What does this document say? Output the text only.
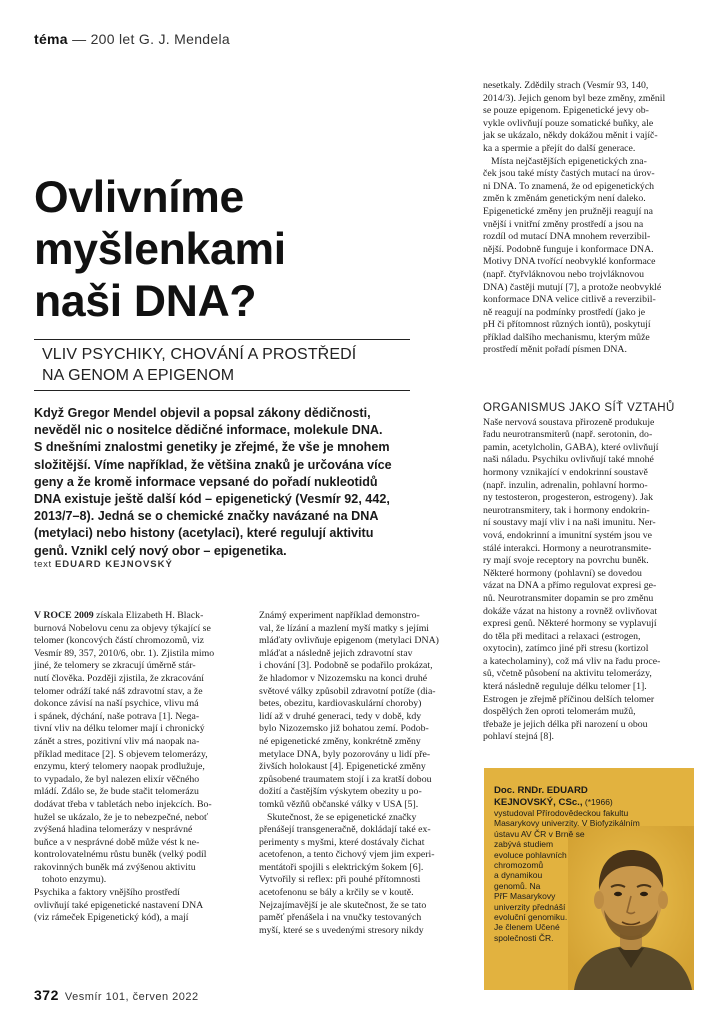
téma — 200 let G. J. Mendela
Ovlivníme
myšlenkami
naši DNA?
VLIV PSYCHIKY, CHOVÁNÍ A PROSTŘEDÍ
NA GENOM A EPIGENOM
Když Gregor Mendel objevil a popsal zákony dědičnosti,
nevěděl nic o nositelce dědičné informace, molekule DNA.
S dnešními znalostmi genetiky je zřejmé, že vše je mnohem
složitější. Víme například, že většina znaků je určována více
geny a že kromě informace vepsané do pořadí nukleotidů
DNA existuje ještě další kód – epigenetický (Vesmír 92, 442,
2013/7–8). Jedná se o chemické značky navázané na DNA
(metylaci) nebo histony (acetylaci), které regulují aktivitu
genů. Vznikl celý nový obor – epigenetika.
text EDUARD KEJNOVSKÝ
V ROCE 2009 získala Elizabeth H. Black-
burnová Nobelovu cenu za objevy týkající se
telomer (koncových částí chromozomů, viz
Vesmír 89, 357, 2010/6, obr. 1). Zjistila mimo
jiné, že telomery se zkracují úměrně stár-
nutí člověka. Později zjistila, že zkracování
telomer odráží také náš zdravotní stav, a že
dokonce závisí na naší psychice, vlivu má
i spánek, dýchání, naše potrava [1]. Nega-
tivní vliv na délku telomer mají i chronický
zánět a stres, pozitivní vliv má naopak na-
příklad meditace [2]. S objevem telomerázy,
enzymu, který telomery naopak prodlužuje,
to vypadalo, že byl nalezen elixír věčného
mládí. Zdálo se, že bude stačit telomerázu
dodávat třeba v tabletách nebo injekcích. Bo-
hužel se ukázalo, že je to nebezpečné, neboť
zvýšená hladina telomerázy v nesprávné
buňce a v nesprávné době může vést k ne-
kontrolovatelnému růstu buněk (velký podíl
rakovinných buněk má zvýšenou aktivitu
tohoto enzymu).
Psychika a faktory vnějšího prostředí
ovlivňují také epigenetické nastavení DNA
(viz rámeček Epigenetický kód), a mají
Známý experiment například demonstro-
val, že lízání a mazlení myší matky s jejími
mláďaty ovlivňuje epigenom (metylaci DNA)
mláďat a následně jejich zdravotní stav
i chování [3]. Podobně se podařilo prokázat,
že hladomor v Nizozemsku na konci druhé
světové války způsobil zdravotní potíže (dia-
betes, obezitu, kardiovaskulární choroby)
lidí až v druhé generaci, tedy v době, kdy
bylo Nizozemsko již bohatou zemí. Podob-
né epigenetické změny, konkrétně změny
metylace DNA, byly pozorovány u lidí pře-
živších holokaust [4]. Epigenetické změny
způsobené traumatem stojí i za kratší dobou
dožití a častějším výskytem obezity u po-
tomků vězňů občanské války v USA [5].
Skutečnost, že se epigenetické značky
přenášejí transgeneračně, dokládají také ex-
perimenty s myšmi, které dostávaly čichat
acetofenon, a tento čichový vjem jim experi-
mentátoři spojili s elektrickým šokem [6].
Vytvořily si reflex: při pouhé přítomnosti
acetofenonu se bály a krčily se v koutě.
Nejzajímavější je ale skutečnost, že se tato
paměť přenášela i na vnučky testovaných
myší, které se s uvedenými stresory nikdy
nesetkaly. Zdědily strach (Vesmír 93, 140,
2014/3). Jejich genom byl beze změny, změnil
se pouze epigenom. Epigenetické jevy ob-
vykle ovlivňují pouze somatické buňky, ale
jak se ukázalo, někdy dokážou měnit i vajíč-
ka a spermie a přejít do další generace.
Místa nejčastějších epigenetických zna-
ček jsou také místy častých mutací na úrov-
ni DNA. To znamená, že od epigenetických
změn k změnám genetickým není daleko.
Epigenetické změny jen pružněji reagují na
vnější i vnitřní změny prostředí a jsou na
rozdíl od mutací DNA mnohem reverzibil-
nější. Podobně funguje i konformace DNA.
Motivy DNA tvořící neobvyklé konformace
(např. čtyřvláknovou nebo trojvláknovou
DNA) častěji mutují [7], a protože neobvyklé
konformace DNA velice citlivě a reverzibil-
ně reagují na podmínky prostředí (jako je
pH či přítomnost různých iontů), poskytují
příklad dalšího mechanismu, kterým může
prostředí měnit pořadí písmen DNA.
ORGANISMUS JAKO SÍŤ VZTAHŮ
Naše nervová soustava přirozeně produkuje
řadu neurotransmiterů (např. serotonin, do-
pamin, acetylcholin, GABA), které ovlivňují
naši náladu. Psychiku ovlivňují také mnohé
hormony vznikající v endokrinní soustavě
(např. inzulin, adrenalin, pohlavní hormo-
ny testosteron, progesteron, estrogeny). Jak
neurotransmitery, tak i hormony endokrin-
ní soustavy mají vliv i na naši imunitu. Ner-
vová, endokrinní a imunitní systém jsou ve
stálé interakci. Hormony a neurotransmite-
ry mají svoje receptory na povrchu buněk.
Některé hormony (pohlavní) se dovedou
vázat na DNA a přímo regulovat expresi ge-
nů. Neurotransmiter dopamin se pro změnu
dokáže vázat na histony a rovněž ovlivňovat
expresi genů. Některé hormony se vyplavují
do těla při meditaci a relaxaci (estrogen,
oxytocin), zatímco jiné při stresu (kortizol
a katecholaminy), což má vliv na řadu proce-
sů, včetně působení na aktivitu telomerázy,
která následně reguluje délku telomer [1].
Estrogen je zřejmě příčinou delších telomer
dospělých žen oproti telomerám mužů,
třebaže je jejich délka při narození u obou
pohlaví stejná [8].
Doc. RNDr. EDUARD
KEJNOVSKÝ, CSc., (*1966)
vystudoval Přírodovědeckou fakultu
Masarykovy univerzity. V Biofyzikálním
ústavu AV ČR v Brně se
zabývá studiem
evoluce pohlavních
chromozomů
a dynamikou
genomů. Na
PřF Masarykovy
univerzity přednáší
evoluční genomiku.
Je členem Učené
společnosti ČR.
372 Vesmír 101, červen 2022
